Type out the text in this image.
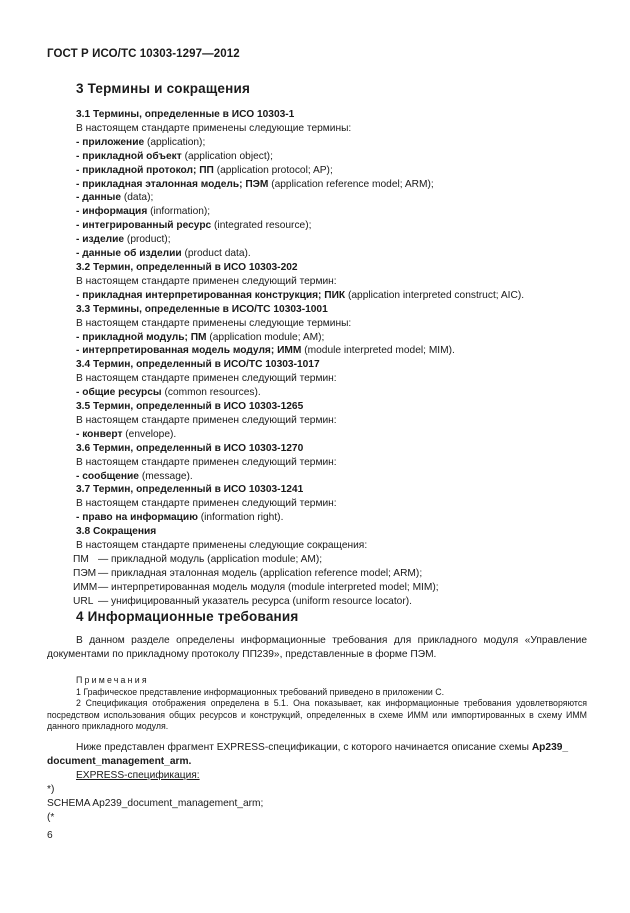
ГОСТ Р ИСО/ТС 10303-1297—2012
3 Термины и сокращения
3.1 Термины, определенные в ИСО 10303-1
В настоящем стандарте применены следующие термины:
- приложение (application);
- прикладной объект (application object);
- прикладной протокол; ПП (application protocol; AP);
- прикладная эталонная модель; ПЭМ (application reference model; ARM);
- данные (data);
- информация (information);
- интегрированный ресурс (integrated resource);
- изделие (product);
- данные об изделии (product data).
3.2 Термин, определенный в ИСО 10303-202
В настоящем стандарте применен следующий термин:
- прикладная интерпретированная конструкция; ПИК (application interpreted construct; AIC).
3.3 Термины, определенные в ИСО/ТС 10303-1001
В настоящем стандарте применены следующие термины:
- прикладной модуль; ПМ (application module; AM);
- интерпретированная модель модуля; ИММ (module interpreted model; MIM).
3.4 Термин, определенный в ИСО/ТС 10303-1017
В настоящем стандарте применен следующий термин:
- общие ресурсы (common resources).
3.5 Термин, определенный в ИСО 10303-1265
В настоящем стандарте применен следующий термин:
- конверт (envelope).
3.6 Термин, определенный в ИСО 10303-1270
В настоящем стандарте применен следующий термин:
- сообщение (message).
3.7 Термин, определенный в ИСО 10303-1241
В настоящем стандарте применен следующий термин:
- право на информацию (information right).
3.8 Сокращения
В настоящем стандарте применены следующие сокращения:
ПМ — прикладной модуль (application module; AM);
ПЭМ — прикладная эталонная модель (application reference model; ARM);
ИММ — интерпретированная модель модуля (module interpreted model; MIM);
URL — унифицированный указатель ресурса (uniform resource locator).
4 Информационные требования
В данном разделе определены информационные требования для прикладного модуля «Управление документами по прикладному протоколу ПП239», представленные в форме ПЭМ.
Примечания
1 Графическое представление информационных требований приведено в приложении С.
2 Спецификация отображения определена в 5.1. Она показывает, как информационные требования удовлетворяются посредством использования общих ресурсов и конструкций, определенных в схеме ИММ или импортированных в схему ИММ данного прикладного модуля.
Ниже представлен фрагмент EXPRESS-спецификации, с которого начинается описание схемы Ap239_ document_management_arm.
EXPRESS-спецификация:
*)
SCHEMA Ap239_document_management_arm;
(*
6
